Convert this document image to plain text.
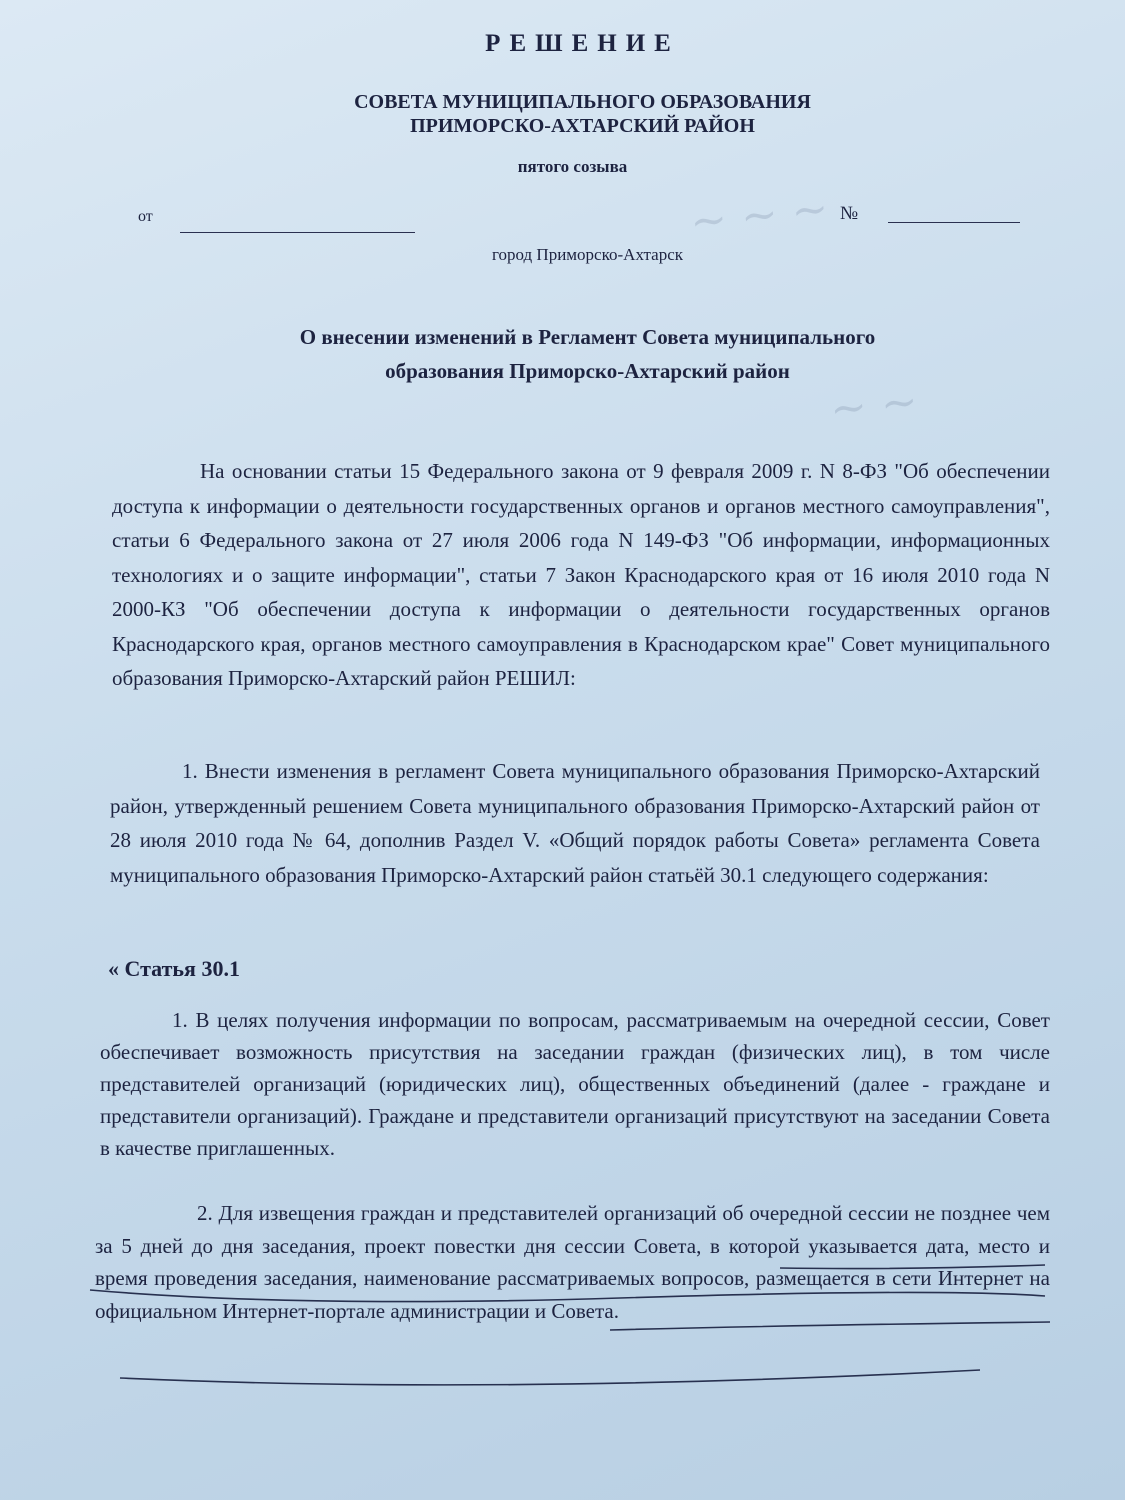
~ ~ ~
~ ~
РЕШЕНИЕ
СОВЕТА МУНИЦИПАЛЬНОГО ОБРАЗОВАНИЯ
ПРИМОРСКО-АХТАРСКИЙ РАЙОН
пятого созыва
от	№
город Приморско-Ахтарск
О внесении изменений в Регламент Совета муниципального
образования Приморско-Ахтарский район

На основании статьи 15 Федерального закона от 9 февраля 2009 г. N 8-ФЗ "Об обеспечении доступа к информации о деятельности государственных органов и органов местного самоуправления", статьи 6 Федерального закона от 27 июля 2006 года N 149-ФЗ "Об информации, информационных технологиях и о защите информации", статьи 7 Закон Краснодарского края от 16 июля 2010 года N 2000-КЗ "Об обеспечении доступа к информации о деятельности государственных органов Краснодарского края, органов местного самоуправления в Краснодарском крае" Совет муниципального образования Приморско-Ахтарский район РЕШИЛ:

1. Внести изменения в регламент Совета муниципального образования Приморско-Ахтарский район, утвержденный решением Совета муниципального образования Приморско-Ахтарский район от 28 июля 2010 года № 64, дополнив Раздел V. «Общий порядок работы Совета» регламента Совета муниципального образования Приморско-Ахтарский район статьёй 30.1 следующего содержания:

« Статья 30.1

1. В целях получения информации по вопросам, рассматриваемым на очередной сессии, Совет обеспечивает возможность присутствия на заседании граждан (физических лиц), в том числе представителей организаций (юридических лиц), общественных объединений (далее - граждане и представители организаций). Граждане и представители организаций присутствуют на заседании Совета в качестве приглашенных.

2. Для извещения граждан и представителей организаций об очередной сессии не позднее чем за 5 дней до дня заседания, проект повестки дня сессии Совета, в которой указывается дата, место и время проведения заседания, наименование рассматриваемых вопросов, размещается в сети Интернет на официальном Интернет-портале администрации и Совета.
